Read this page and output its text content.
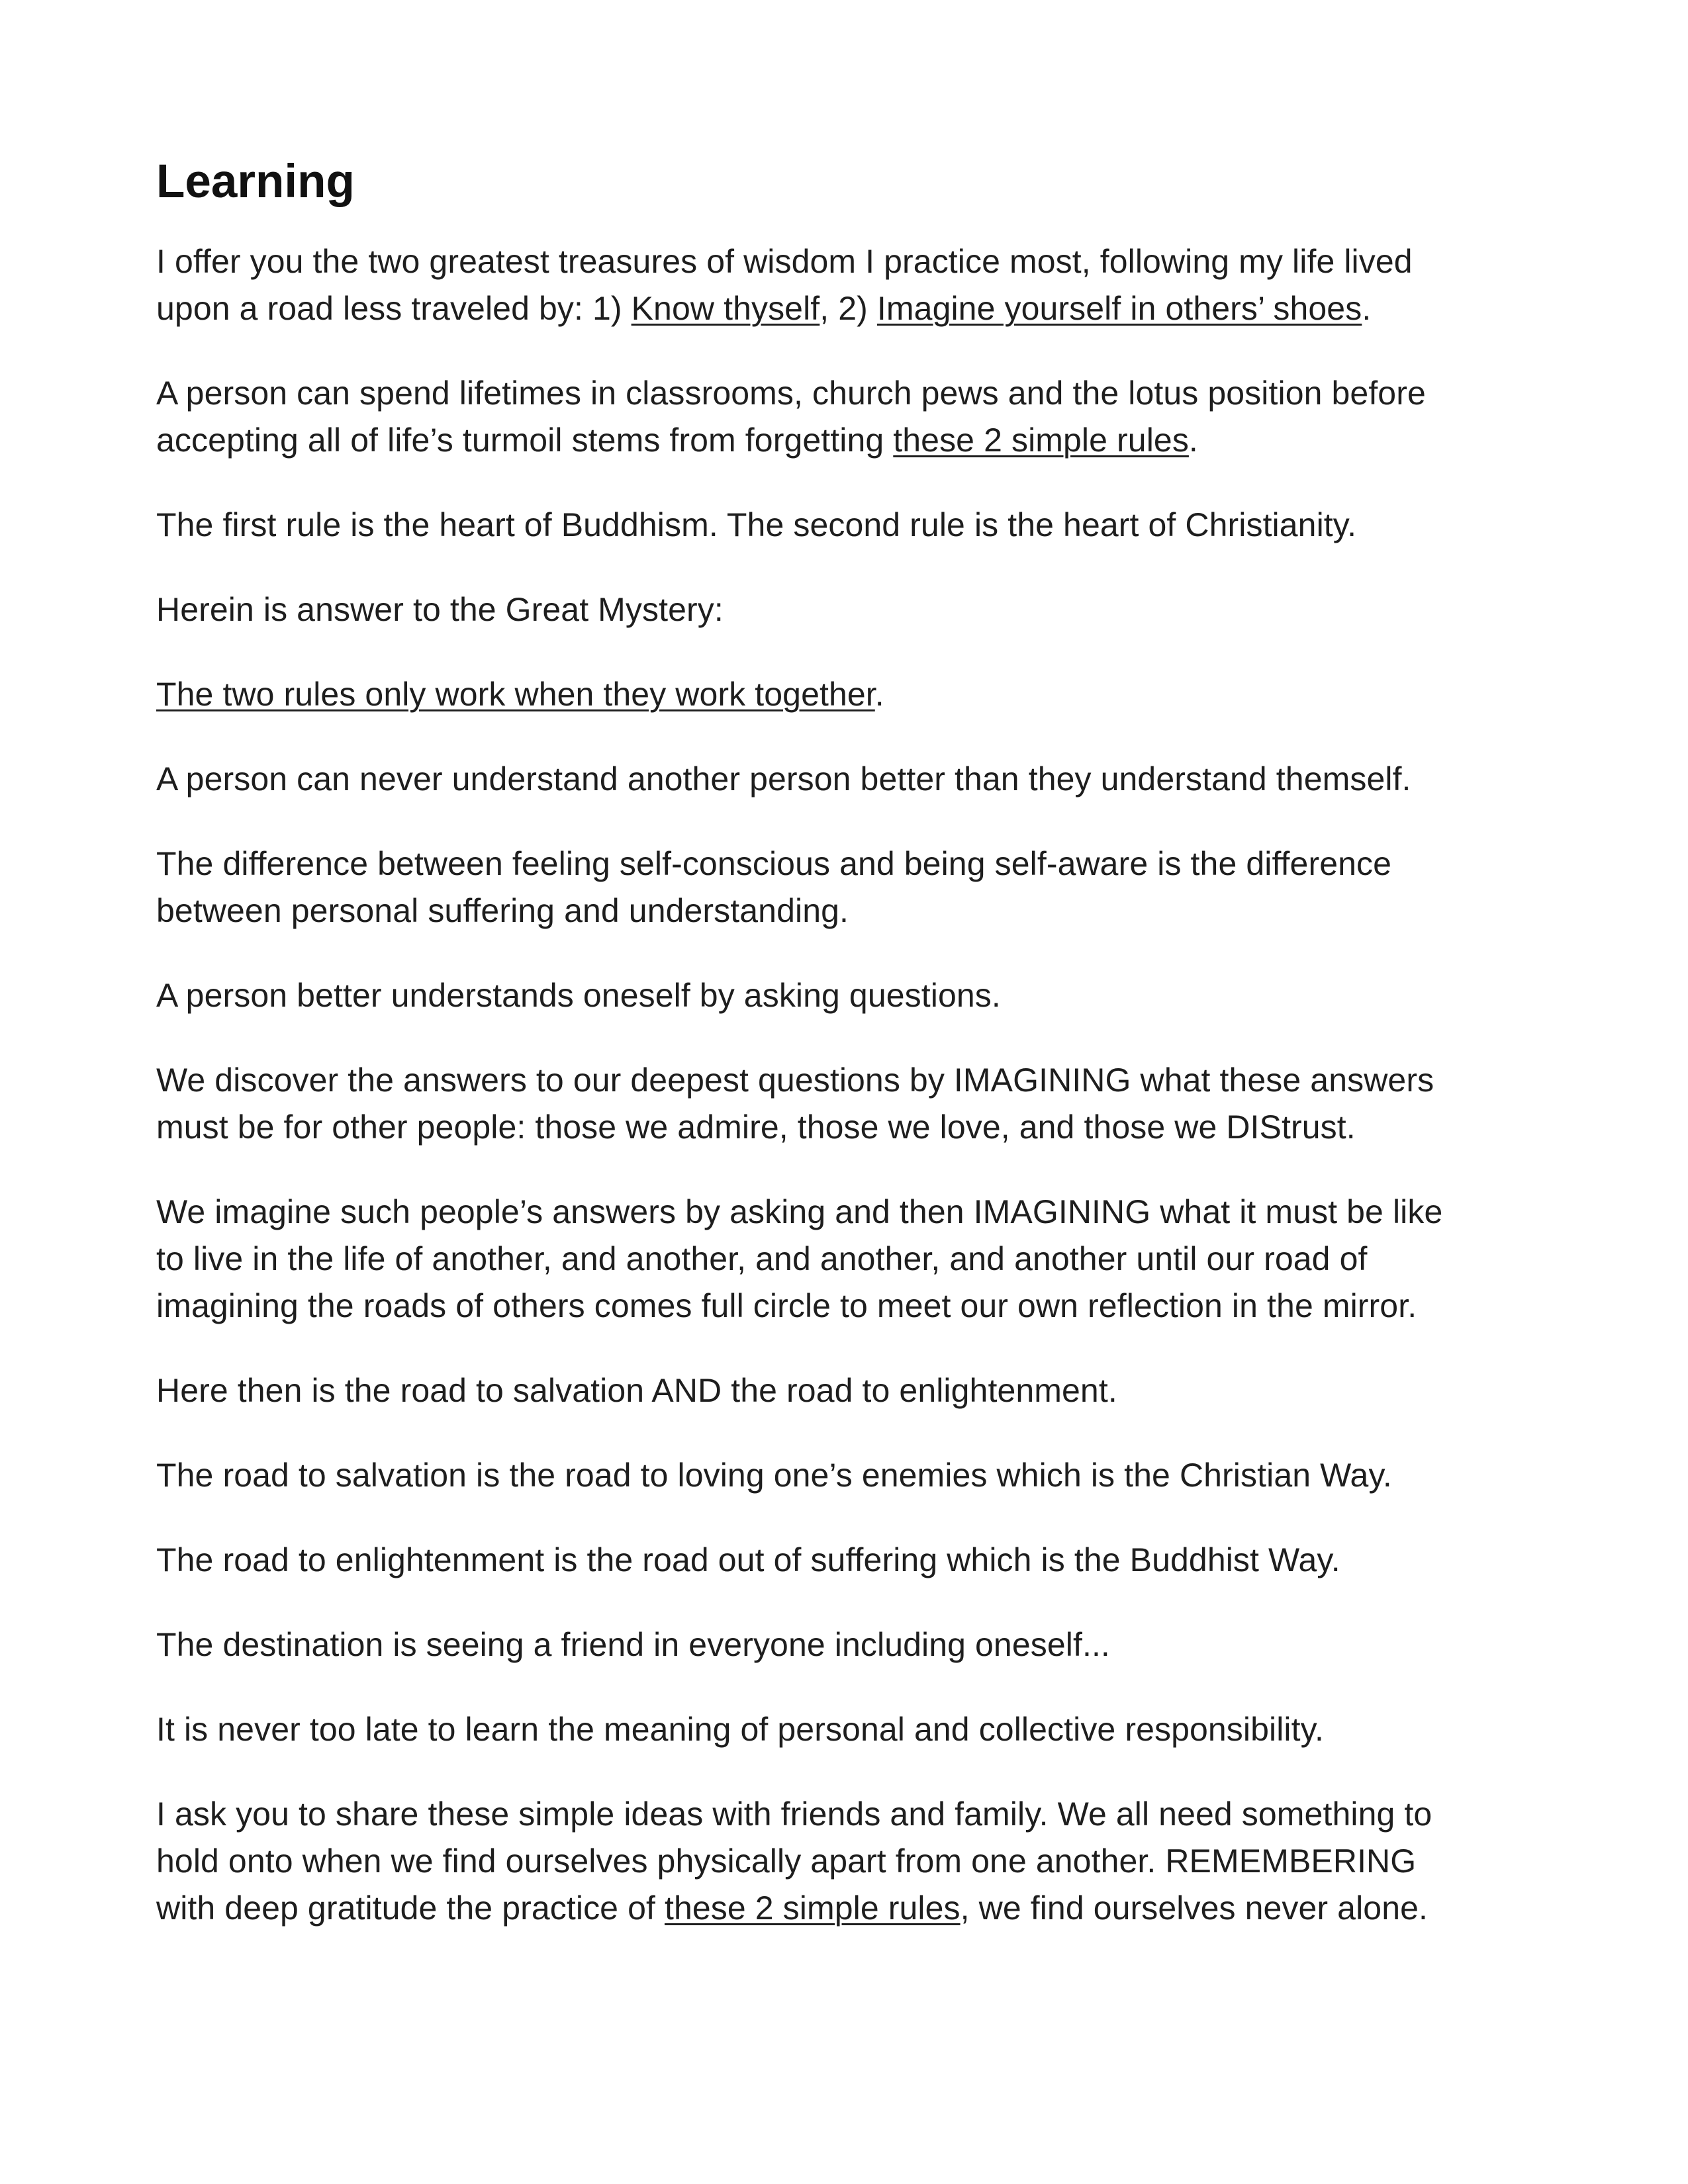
Learning

I offer you the two greatest treasures of wisdom I practice most, following my life lived
upon a road less traveled by: 1) Know thyself, 2) Imagine yourself in others’ shoes.

A person can spend lifetimes in classrooms, church pews and the lotus position before
accepting all of life’s turmoil stems from forgetting these 2 simple rules.

The first rule is the heart of Buddhism. The second rule is the heart of Christianity.

Herein is answer to the Great Mystery:

The two rules only work when they work together.

A person can never understand another person better than they understand themself.

The difference between feeling self-conscious and being self-aware is the difference
between personal suffering and understanding.

A person better understands oneself by asking questions.

We discover the answers to our deepest questions by IMAGINING what these answers
must be for other people: those we admire, those we love, and those we DIStrust.

We imagine such people’s answers by asking and then IMAGINING what it must be like
to live in the life of another, and another, and another, and another until our road of
imagining the roads of others comes full circle to meet our own reflection in the mirror.

Here then is the road to salvation AND the road to enlightenment.

The road to salvation is the road to loving one’s enemies which is the Christian Way.

The road to enlightenment is the road out of suffering which is the Buddhist Way.

The destination is seeing a friend in everyone including oneself...

It is never too late to learn the meaning of personal and collective responsibility.

I ask you to share these simple ideas with friends and family. We all need something to
hold onto when we find ourselves physically apart from one another. REMEMBERING
with deep gratitude the practice of these 2 simple rules, we find ourselves never alone.
